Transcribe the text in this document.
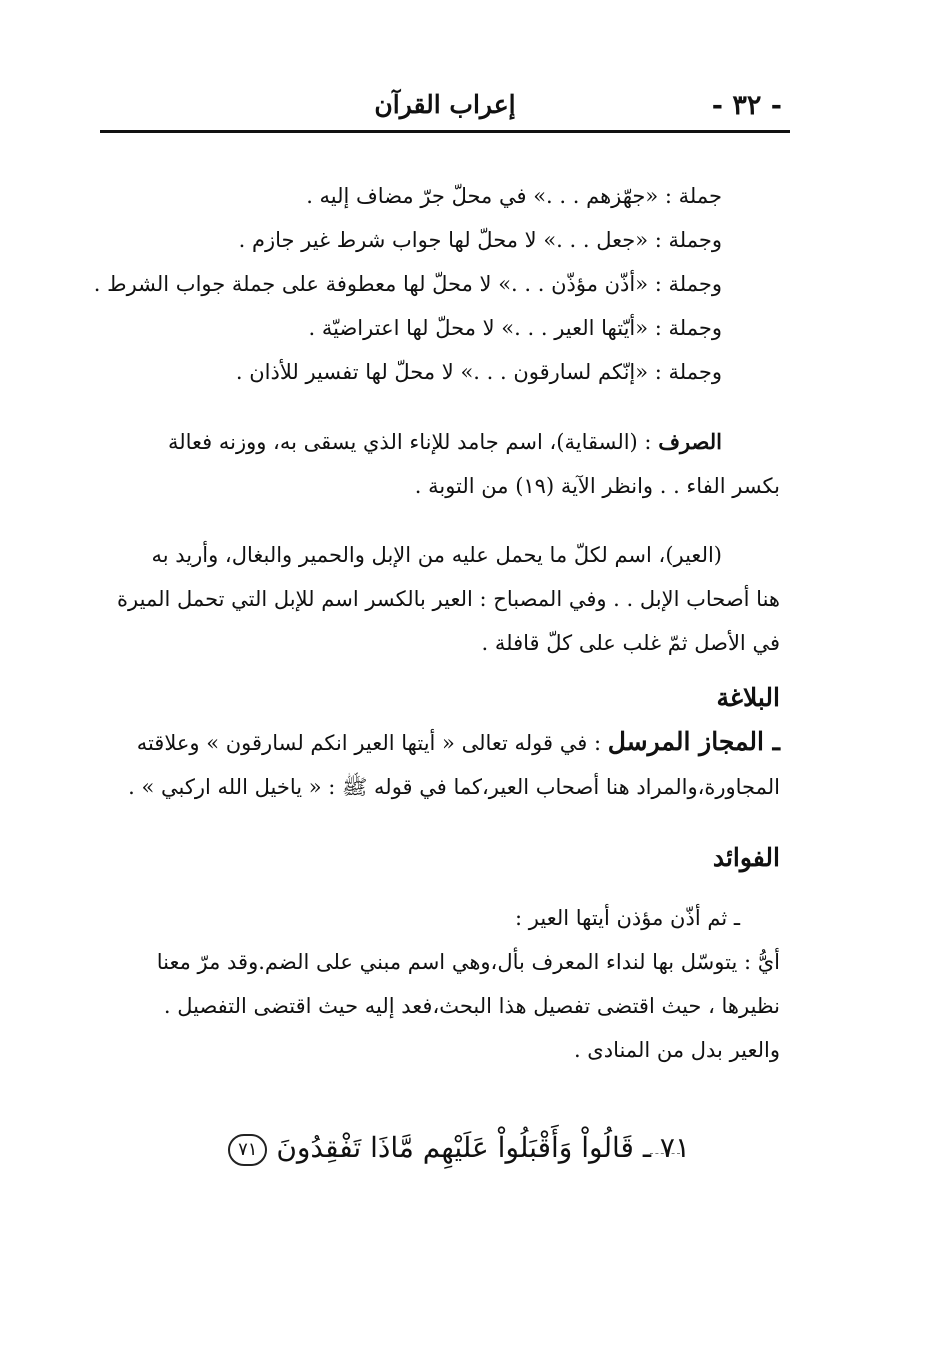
- ٣٢ -
إعراب القرآن
جملة : «جهّزهم . . .» في محلّ جرّ مضاف إليه .
وجملة : «جعل . . .» لا محلّ لها جواب شرط غير جازم .
وجملة : «أذّن مؤذّن . . .» لا محلّ لها معطوفة على جملة جواب الشرط .
وجملة : «أيّتها العير . . .» لا محلّ لها اعتراضيّة .
وجملة : «إنّكم لسارقون . . .» لا محلّ لها تفسير للأذان .
الصرف : (السقاية)، اسم جامد للإناء الذي يسقى به، ووزنه فعالة
بكسر الفاء . . وانظر الآية (١٩) من التوبة .
(العير)، اسم لكلّ ما يحمل عليه من الإبل والحمير والبغال، وأريد به
هنا أصحاب الإبل . . وفي المصباح : العير بالكسر اسم للإبل التي تحمل الميرة
في الأصل ثمّ غلب على كلّ قافلة .
البلاغة
ـ المجاز المرسل : في قوله تعالى « أيتها العير انكم لسارقون » وعلاقته
المجاورة،والمراد هنا أصحاب العير،كما في قوله ﷺ : « ياخيل الله اركبي » .
الفوائد
ـ ثم أذّن مؤذن أيتها العير :
أيُّ : يتوسّل بها لنداء المعرف بأل،وهي اسم مبني على الضم.وقد مرّ معنا
نظيرها ، حيث اقتضى تفصيل هذا البحث،فعد إليه حيث اقتضى التفصيل .
والعير بدل من المنادى .
٧١ ـ قَالُواْ وَأَقْبَلُواْ عَلَيْهِم مَّاذَا تَفْقِدُونَ ٧١
